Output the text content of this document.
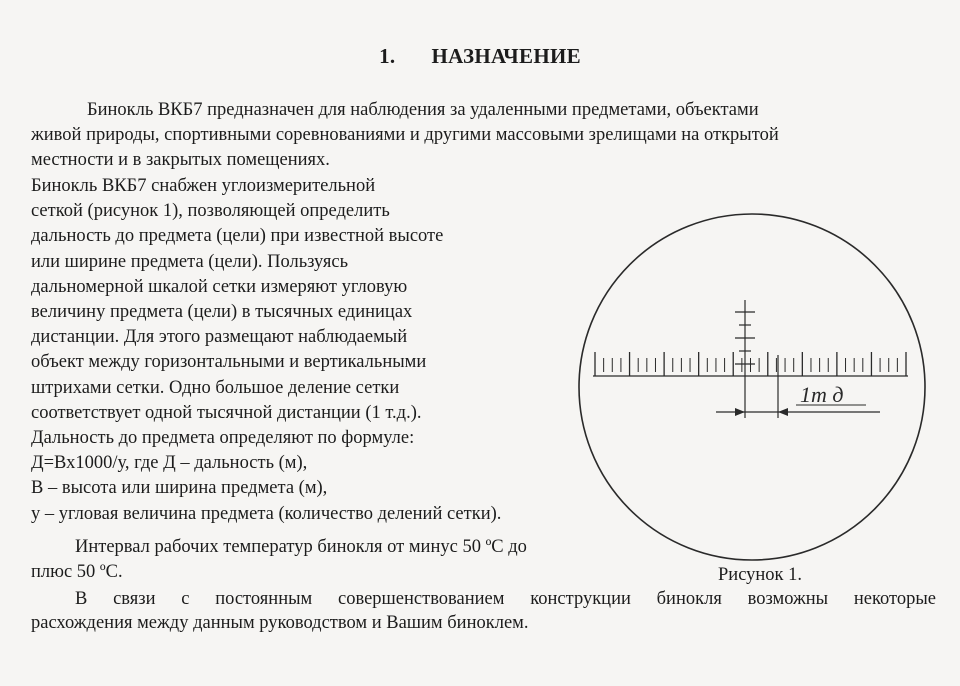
1. НАЗНАЧЕНИЕ
Бинокль ВКБ7 предназначен для наблюдения за удаленными предметами, объектами
живой природы, спортивными соревнованиями и другими массовыми зрелищами на открытой
местности и в закрытых помещениях.
Бинокль ВКБ7 снабжен углоизмерительной
сеткой (рисунок 1), позволяющей определить
дальность до предмета (цели) при известной высоте
или ширине предмета (цели). Пользуясь
дальномерной шкалой сетки измеряют угловую
величину предмета (цели) в тысячных единицах
дистанции. Для этого размещают наблюдаемый
объект между горизонтальными и вертикальными
штрихами сетки. Одно большое деление сетки
соответствует одной тысячной дистанции (1 т.д.).
Дальность до предмета определяют по формуле:
Д=Вх1000/у, где Д – дальность (м),
В – высота или ширина предмета (м),
у – угловая величина предмета (количество делений сетки).
Интервал рабочих температур бинокля от минус 50 ºС до
плюс 50 ºС.	Рисунок 1.
В связи с постоянным совершенствованием конструкции бинокля возможны некоторые
расхождения между данным руководством и Вашим биноклем.
1т д
